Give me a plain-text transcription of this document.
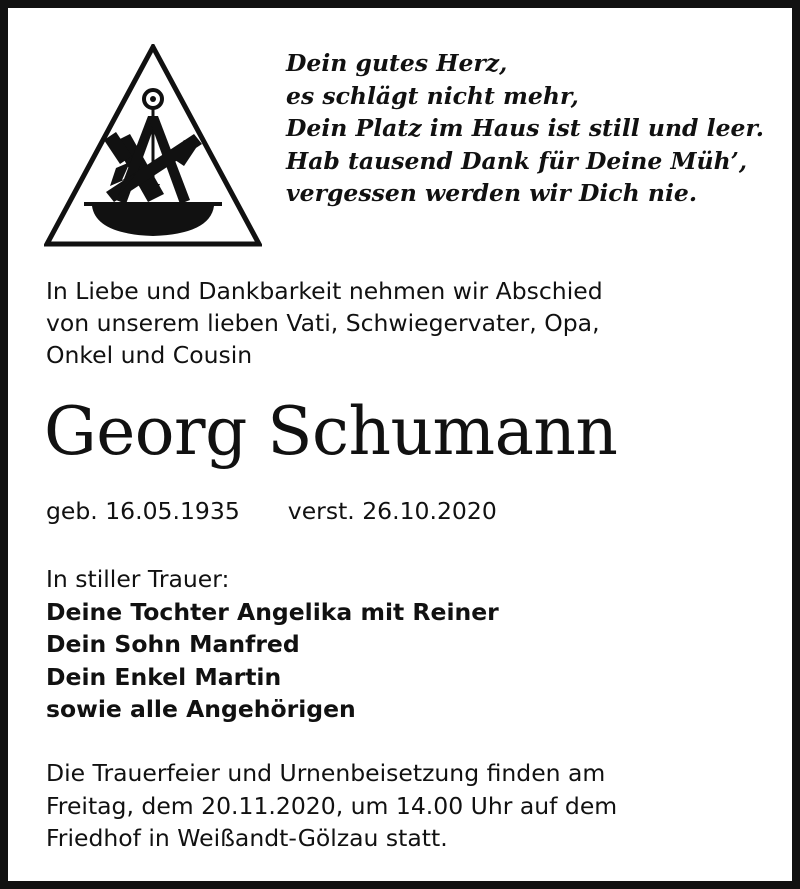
Dein gutes Herz,
es schlägt nicht mehr,
Dein Platz im Haus ist still und leer.
Hab tausend Dank für Deine Müh’,
vergessen werden wir Dich nie.
In Liebe und Dankbarkeit nehmen wir Abschied
von unserem lieben Vati, Schwiegervater, Opa,
Onkel und Cousin
Georg Schumann
geb. 16.05.1935 verst. 26.10.2020
In stiller Trauer:
Deine Tochter Angelika mit Reiner
Dein Sohn Manfred
Dein Enkel Martin
sowie alle Angehörigen
Die Trauerfeier und Urnenbeisetzung finden am
Freitag, dem 20.11.2020, um 14.00 Uhr auf dem
Friedhof in Weißandt-Gölzau statt.
